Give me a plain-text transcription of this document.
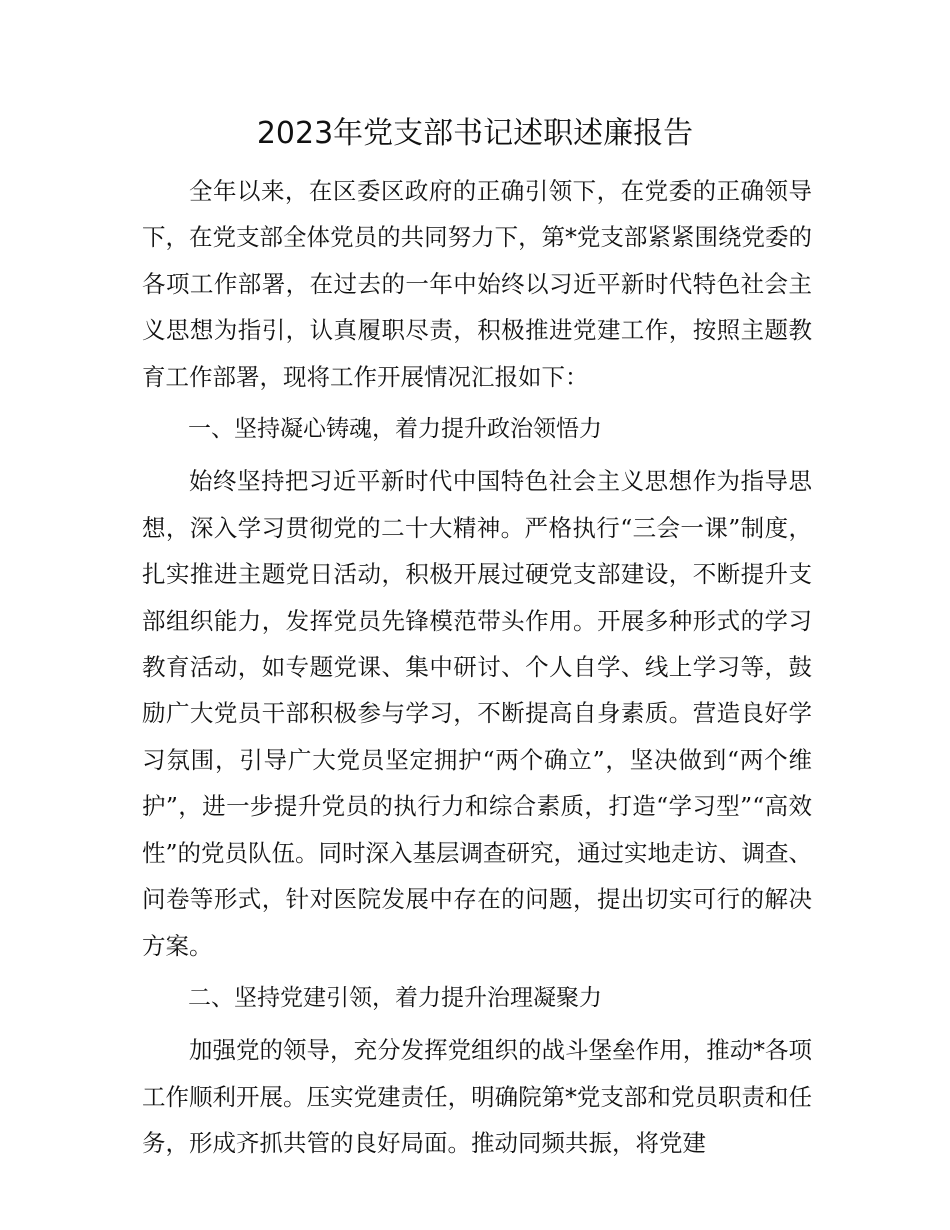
2023年党支部书记述职述廉报告

全年以来，在区委区政府的正确引领下，在党委的正确领导下，在党支部全体党员的共同努力下，第*党支部紧紧围绕党委的各项工作部署，在过去的一年中始终以习近平新时代特色社会主义思想为指引，认真履职尽责，积极推进党建工作，按照主题教育工作部署，现将工作开展情况汇报如下：

一、坚持凝心铸魂，着力提升政治领悟力

始终坚持把习近平新时代中国特色社会主义思想作为指导思想，深入学习贯彻党的二十大精神。严格执行“三会一课”制度，扎实推进主题党日活动，积极开展过硬党支部建设，不断提升支部组织能力，发挥党员先锋模范带头作用。开展多种形式的学习教育活动，如专题党课、集中研讨、个人自学、线上学习等，鼓励广大党员干部积极参与学习，不断提高自身素质。营造良好学习氛围，引导广大党员坚定拥护“两个确立”，坚决做到“两个维护”，进一步提升党员的执行力和综合素质，打造“学习型”“高效性”的党员队伍。同时深入基层调查研究，通过实地走访、调查、问卷等形式，针对医院发展中存在的问题，提出切实可行的解决方案。

二、坚持党建引领，着力提升治理凝聚力

加强党的领导，充分发挥党组织的战斗堡垒作用，推动*各项工作顺利开展。压实党建责任，明确院第*党支部和党员职责和任务，形成齐抓共管的良好局面。推动同频共振，将党建
